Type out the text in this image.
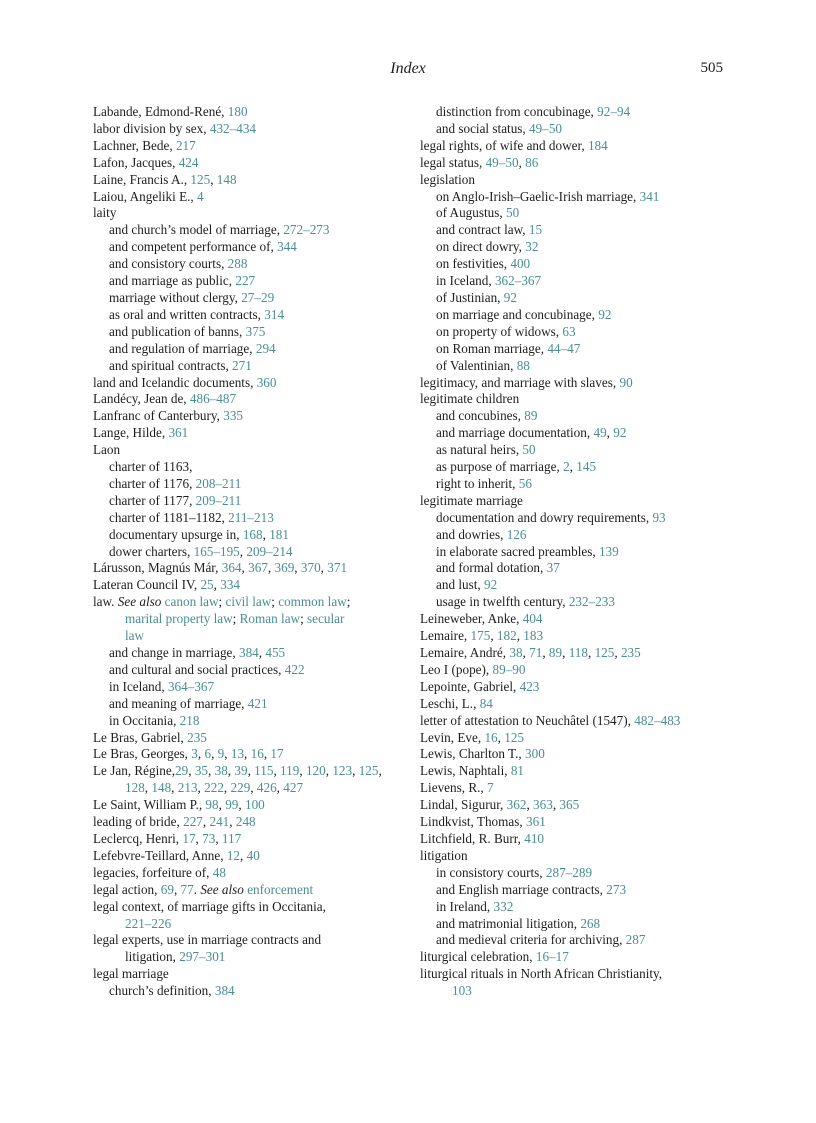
Index	505
Labande, Edmond-René, 180
labor division by sex, 432–434
Lachner, Bede, 217
Lafon, Jacques, 424
Laine, Francis A., 125, 148
Laiou, Angeliki E., 4
laity
and church’s model of marriage, 272–273
and competent performance of, 344
and consistory courts, 288
and marriage as public, 227
marriage without clergy, 27–29
as oral and written contracts, 314
and publication of banns, 375
and regulation of marriage, 294
and spiritual contracts, 271
land and Icelandic documents, 360
Landécy, Jean de, 486–487
Lanfranc of Canterbury, 335
Lange, Hilde, 361
Laon
charter of 1163,
charter of 1176, 208–211
charter of 1177, 209–211
charter of 1181–1182, 211–213
documentary upsurge in, 168, 181
dower charters, 165–195, 209–214
Lárusson, Magnús Már, 364, 367, 369, 370, 371
Lateran Council IV, 25, 334
law. See also canon law; civil law; common law;
marital property law; Roman law; secular
law
and change in marriage, 384, 455
and cultural and social practices, 422
in Iceland, 364–367
and meaning of marriage, 421
in Occitania, 218
Le Bras, Gabriel, 235
Le Bras, Georges, 3, 6, 9, 13, 16, 17
Le Jan, Régine,29, 35, 38, 39, 115, 119, 120, 123, 125,
128, 148, 213, 222, 229, 426, 427
Le Saint, William P., 98, 99, 100
leading of bride, 227, 241, 248
Leclercq, Henri, 17, 73, 117
Lefebvre-Teillard, Anne, 12, 40
legacies, forfeiture of, 48
legal action, 69, 77. See also enforcement
legal context, of marriage gifts in Occitania,
221–226
legal experts, use in marriage contracts and
litigation, 297–301
legal marriage
church’s definition, 384
distinction from concubinage, 92–94
and social status, 49–50
legal rights, of wife and dower, 184
legal status, 49–50, 86
legislation
on Anglo-Irish–Gaelic-Irish marriage, 341
of Augustus, 50
and contract law, 15
on direct dowry, 32
on festivities, 400
in Iceland, 362–367
of Justinian, 92
on marriage and concubinage, 92
on property of widows, 63
on Roman marriage, 44–47
of Valentinian, 88
legitimacy, and marriage with slaves, 90
legitimate children
and concubines, 89
and marriage documentation, 49, 92
as natural heirs, 50
as purpose of marriage, 2, 145
right to inherit, 56
legitimate marriage
documentation and dowry requirements, 93
and dowries, 126
in elaborate sacred preambles, 139
and formal dotation, 37
and lust, 92
usage in twelfth century, 232–233
Leineweber, Anke, 404
Lemaire, 175, 182, 183
Lemaire, André, 38, 71, 89, 118, 125, 235
Leo I (pope), 89–90
Lepointe, Gabriel, 423
Leschi, L., 84
letter of attestation to Neuchâtel (1547), 482–483
Levin, Eve, 16, 125
Lewis, Charlton T., 300
Lewis, Naphtali, 81
Lievens, R., 7
Lindal, Sigurur, 362, 363, 365
Lindkvist, Thomas, 361
Litchfield, R. Burr, 410
litigation
in consistory courts, 287–289
and English marriage contracts, 273
in Ireland, 332
and matrimonial litigation, 268
and medieval criteria for archiving, 287
liturgical celebration, 16–17
liturgical rituals in North African Christianity,
103
